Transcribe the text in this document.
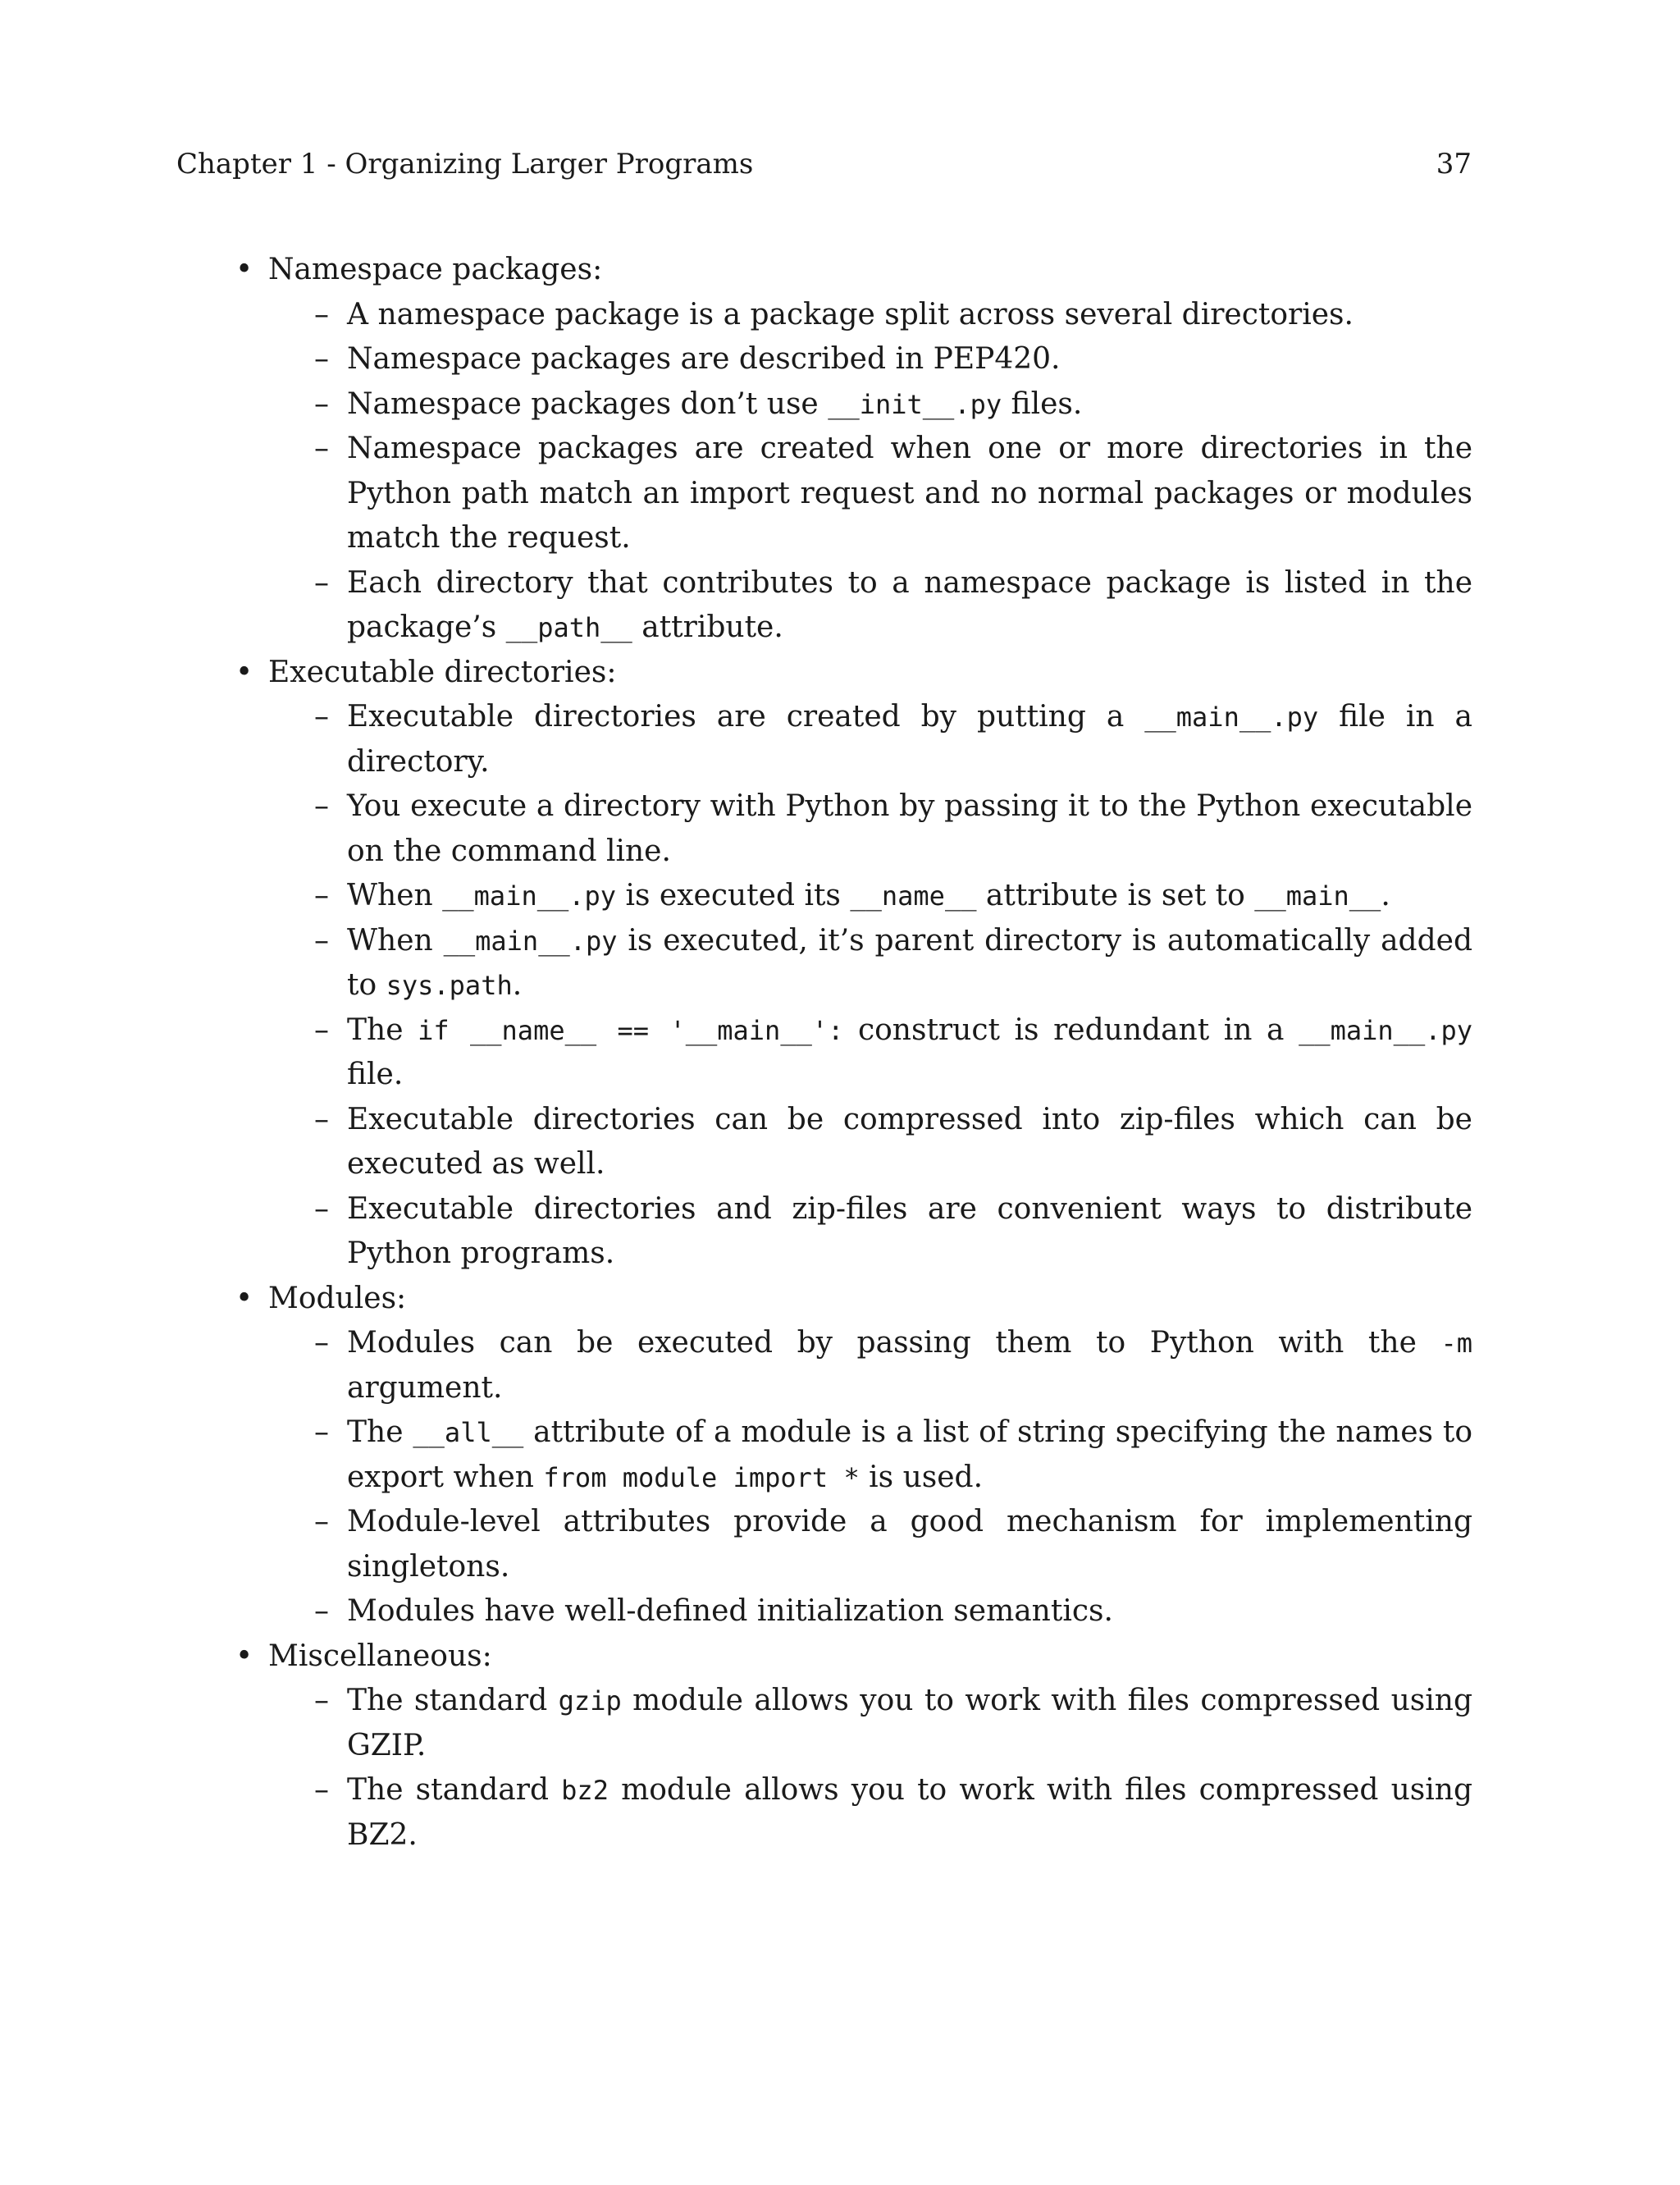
Chapter 1 - Organizing Larger Programs	37
• Namespace packages:
– A namespace package is a package split across several directories.
– Namespace packages are described in PEP420.
– Namespace packages don’t use __init__.py files.
– Namespace packages are created when one or more directories in the Python path match an import request and no normal packages or modules match the request.
– Each directory that contributes to a namespace package is listed in the package’s __path__ attribute.
• Executable directories:
– Executable directories are created by putting a __main__.py file in a directory.
– You execute a directory with Python by passing it to the Python executable on the command line.
– When __main__.py is executed its __name__ attribute is set to __main__.
– When __main__.py is executed, it’s parent directory is automatically added to sys.path.
– The if __name__ == '__main__': construct is redundant in a __main__.py file.
– Executable directories can be compressed into zip-files which can be executed as well.
– Executable directories and zip-files are convenient ways to distribute Python programs.
• Modules:
– Modules can be executed by passing them to Python with the -m argument.
– The __all__ attribute of a module is a list of string specifying the names to export when from module import * is used.
– Module-level attributes provide a good mechanism for implementing singletons.
– Modules have well-defined initialization semantics.
• Miscellaneous:
– The standard gzip module allows you to work with files compressed using GZIP.
– The standard bz2 module allows you to work with files compressed using BZ2.
